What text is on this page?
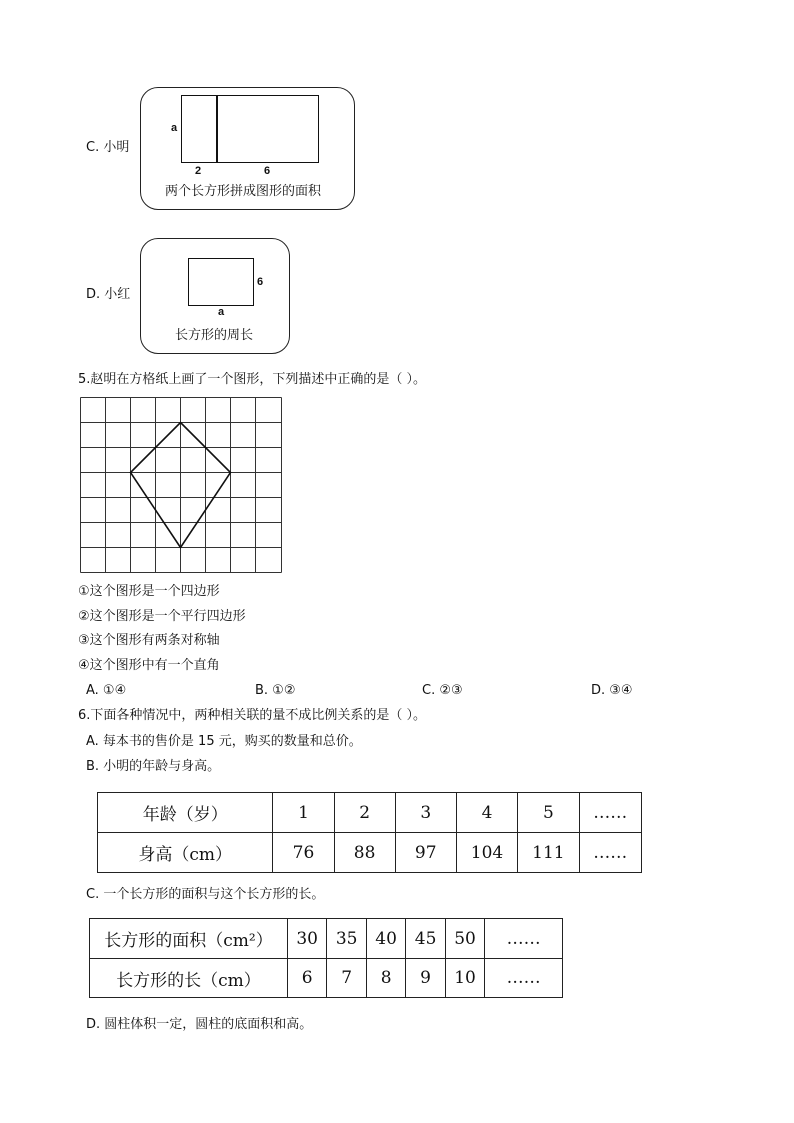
C. 小明
a
2	6
两个长方形拼成图形的面积
D. 小红
6
a
长方形的周长
5.赵明在方格纸上画了一个图形，下列描述中正确的是（ ）。
①这个图形是一个四边形
②这个图形是一个平行四边形
③这个图形有两条对称轴
④这个图形中有一个直角
A. ①④	B. ①②	C. ②③	D. ③④
6.下面各种情况中，两种相关联的量不成比例关系的是（ ）。
A. 每本书的售价是 15 元，购买的数量和总价。
B. 小明的年龄与身高。
年龄（岁）	1	2	3	4	5	……
身高（cm）	76	88	97	104	111	……
C. 一个长方形的面积与这个长方形的长。
长方形的面积（cm²）	30	35	40	45	50	……
长方形的长（cm）	6	7	8	9	10	……
D. 圆柱体积一定，圆柱的底面积和高。
